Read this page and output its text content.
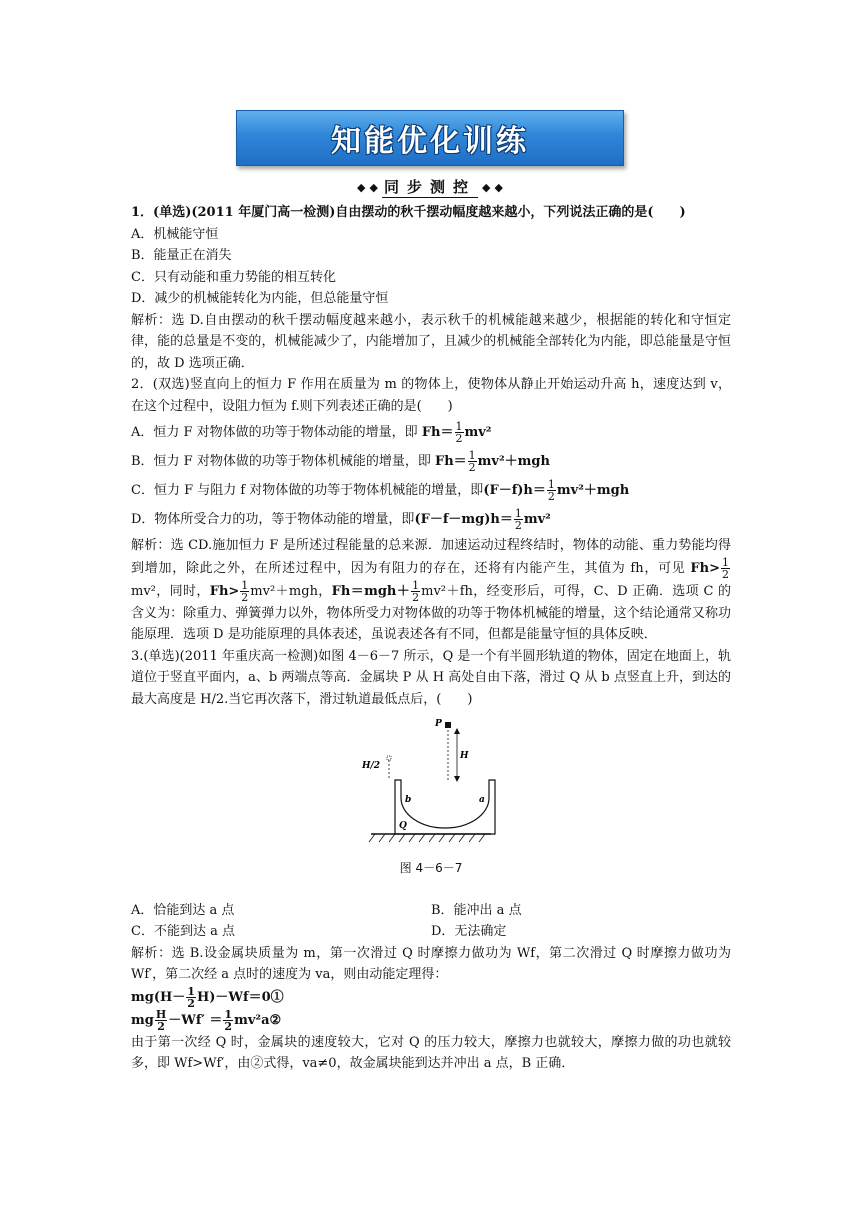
知能优化训练
◆ ◆ 同步测控 ◆ ◆

1．(单选)(2011 年厦门高一检测)自由摆动的秋千摆动幅度越来越小，下列说法正确的是(　　)

A．机械能守恒

B．能量正在消失

C．只有动能和重力势能的相互转化

D．减少的机械能转化为内能，但总能量守恒

解析：选 D.自由摆动的秋千摆动幅度越来越小，表示秋千的机械能越来越少，根据能的转化和守恒定律，能的总量是不变的，机械能减少了，内能增加了，且减少的机械能全部转化为内能，即总能量是守恒的，故 D 选项正确．

2．(双选)竖直向上的恒力 F 作用在质量为 m 的物体上，使物体从静止开始运动升高 h，速度达到 v，在这个过程中，设阻力恒为 f.则下列表述正确的是(　　)

A．恒力 F 对物体做的功等于物体动能的增量，即 $Fh= \frac{1}{2} mv^2$

B．恒力 F 对物体做的功等于物体机械能的增量，即 $Fh= \frac{1}{2} mv^2+mgh$

C．恒力 F 与阻力 f 对物体做的功等于物体机械能的增量，即$(F-f)h= \frac{1}{2} mv^2+mgh$

D．物体所受合力的功，等于物体动能的增量，即$(F-f-mg)h= \frac{1}{2} mv^2$

解析：选 CD.施加恒力 F 是所述过程能量的总来源．加速运动过程终结时，物体的动能、重力势能均得到增加，除此之外，在所述过程中，因为有阻力的存在，还将有内能产生，其值为 fh，可见 $Fh> \frac{1}{2}$
mv²，同时，$Fh> \frac{1}{2} mv^2+mgh$，$Fh=mgh+ \frac{1}{2} mv^2+fh$，经变形后，可得，C、D 正确．选项 C 的含义为：除重力、弹簧弹力以外，物体所受力对物体做的功等于物体机械能的增量，这个结论通常又称功能原理．选项 D 是功能原理的具体表述，虽说表述各有不同，但都是能量守恒的具体反映．

3.(单选)(2011 年重庆高一检测)如图 4－6－7 所示，Q 是一个有半圆形轨道的物体，固定在地面上，轨道位于竖直平面内，a、b 两端点等高．金属块 P 从 H 高处自由下落，滑过 Q 从 b 点竖直上升，到达的最大高度是 H/2.当它再次落下，滑过轨道最低点后，(　　)

P
H
H/2
b	a
Q
图 4－6－7
A．恰能到达 a 点	B．能冲出 a 点
C．不能到达 a 点	D．无法确定

解析：选 B.设金属块质量为 m，第一次滑过 Q 时摩擦力做功为 Wf，第二次滑过 Q 时摩擦力做功为 Wf′，第二次经 a 点时的速度为 va，则由动能定理得：

$mg(H- \frac{1}{2}$ H)－Wf＝0①

mg $\frac{H}{2} -Wf' = \frac{1}{2}$ mv²a②

由于第一次经 Q 时，金属块的速度较大，它对 Q 的压力较大，摩擦力也就较大，摩擦力做的功也就较多，即 Wf>Wf′，由②式得，va≠0，故金属块能到达并冲出 a 点，B 正确．
